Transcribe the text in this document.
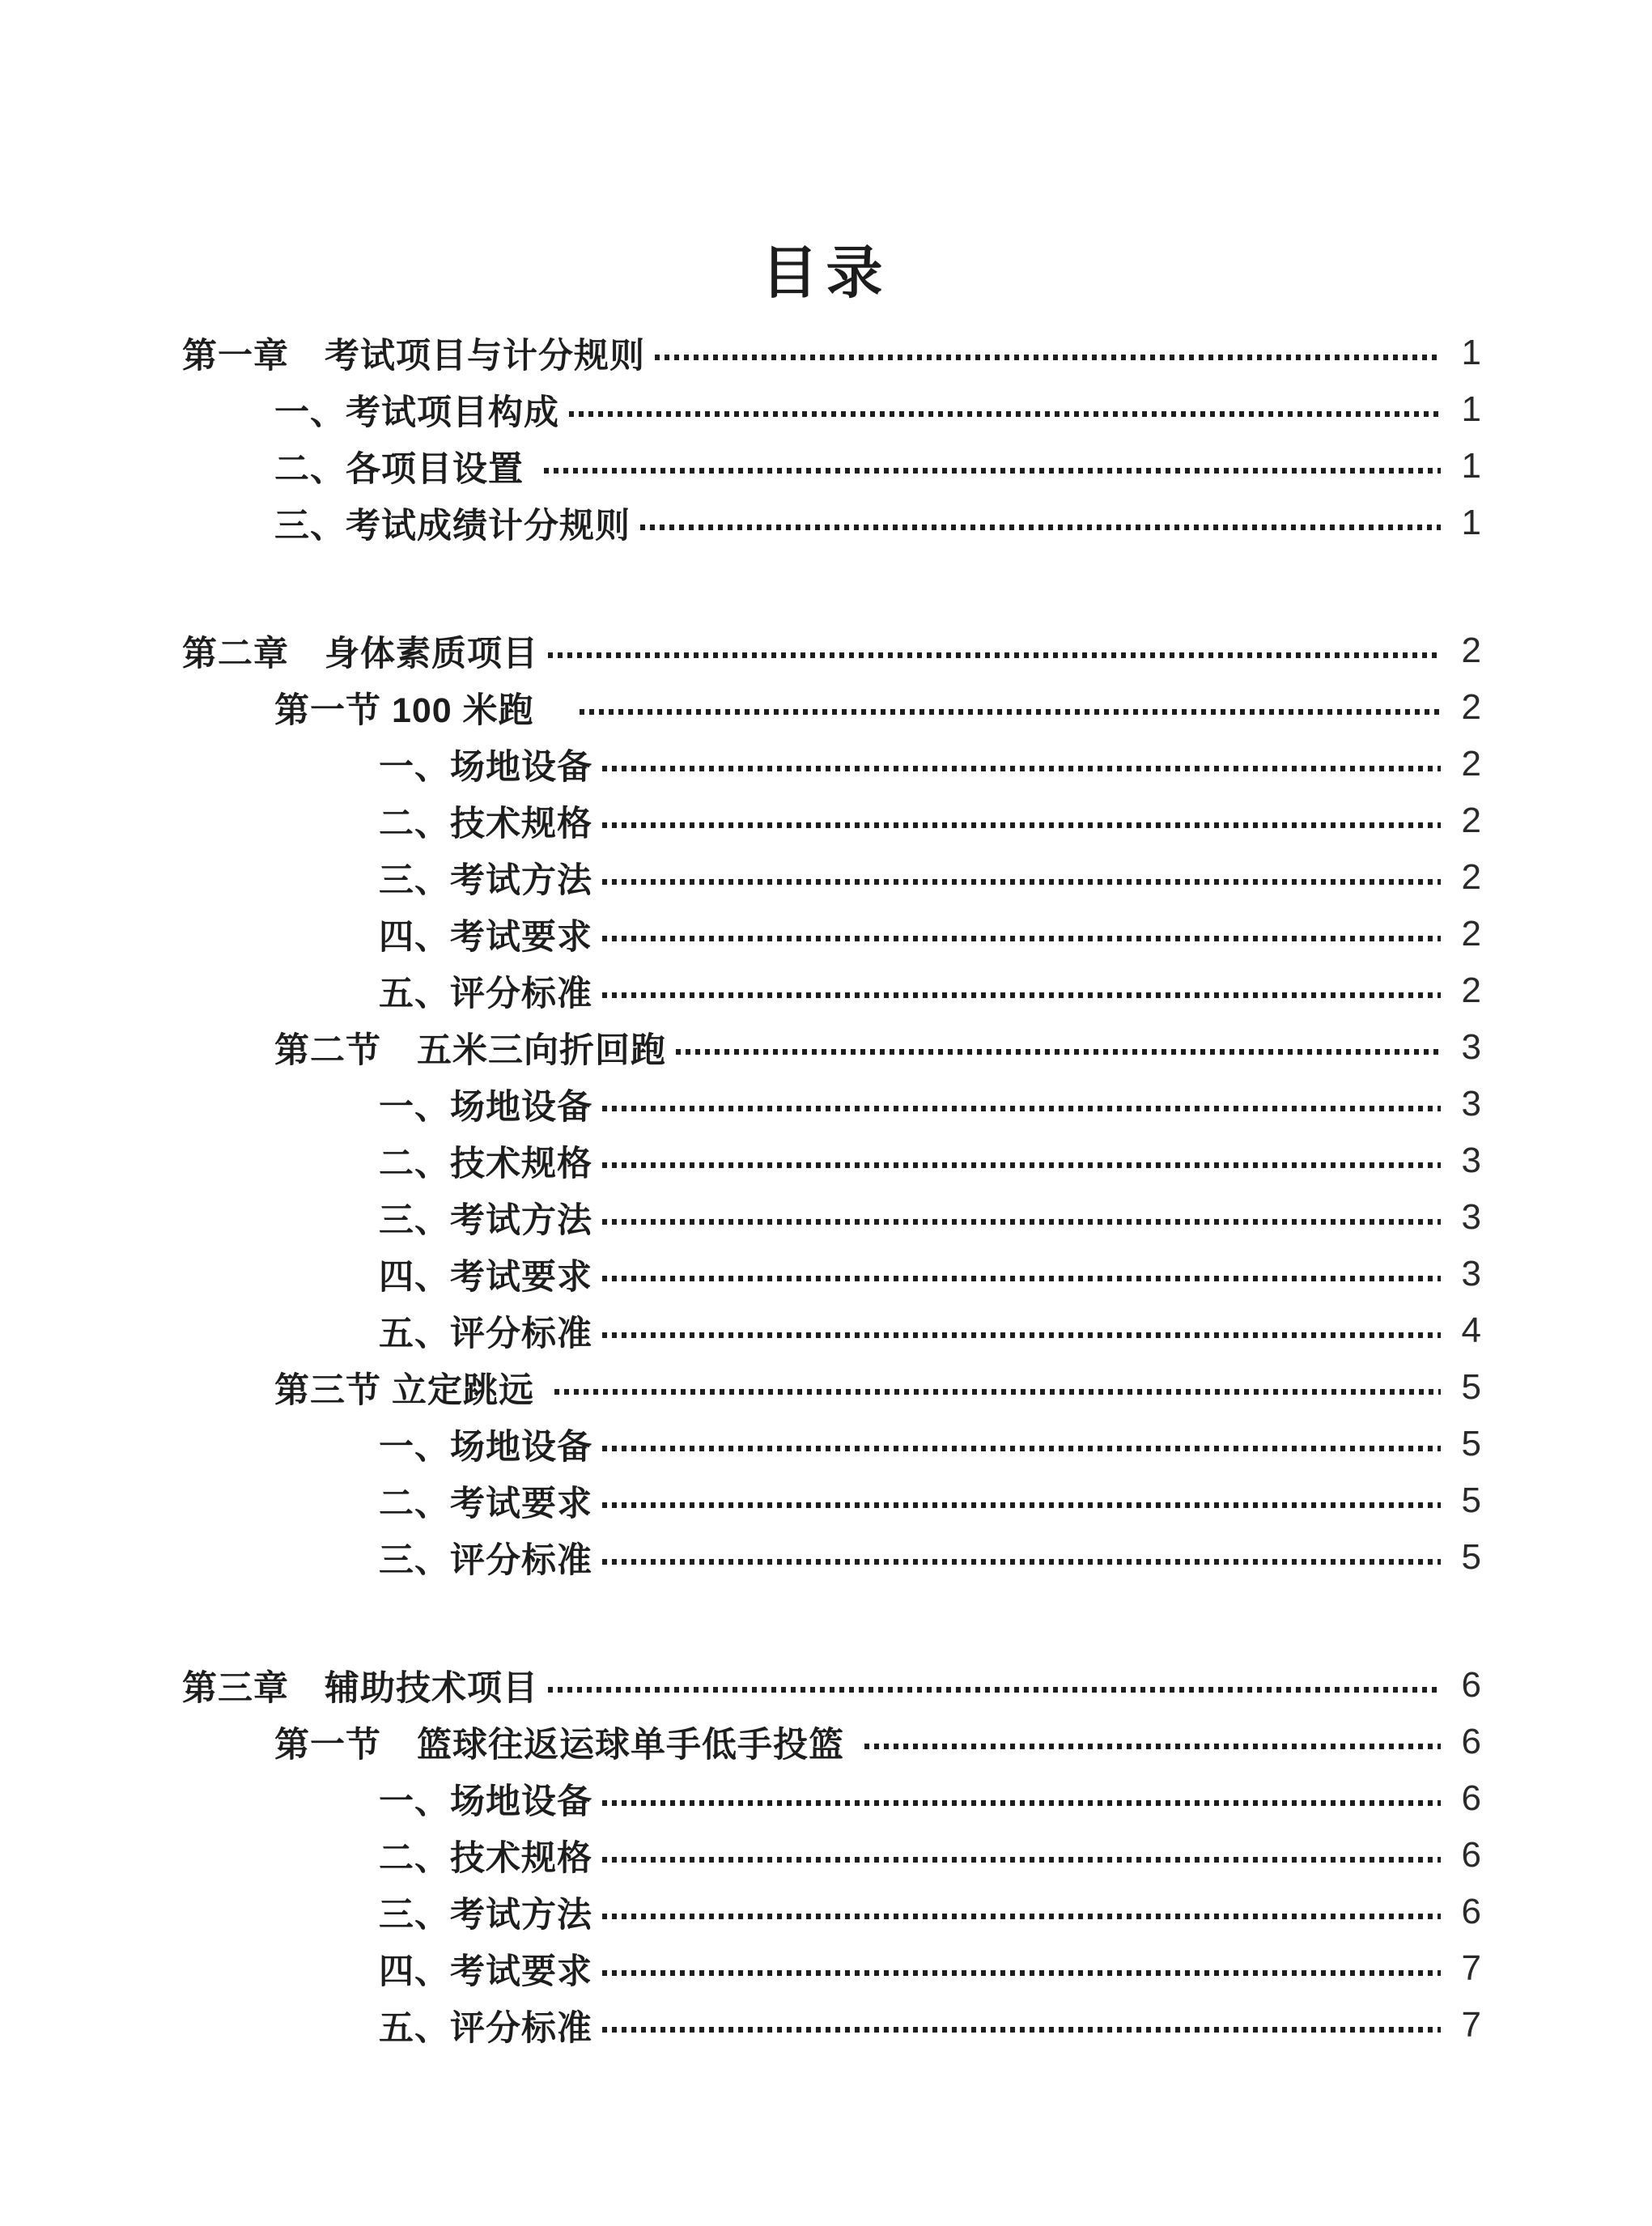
目录
第一章　考试项目与计分规则	1
一、考试项目构成	1
二、各项目设置	1
三、考试成绩计分规则	1
第二章　身体素质项目	2
第一节 100 米跑　	2
一、场地设备	2
二、技术规格	2
三、考试方法	2
四、考试要求	2
五、评分标准	2
第二节　五米三向折回跑	3
一、场地设备	3
二、技术规格	3
三、考试方法	3
四、考试要求	3
五、评分标准	4
第三节 立定跳远	5
一、场地设备	5
二、考试要求	5
三、评分标准	5
第三章　辅助技术项目	6
第一节　篮球往返运球单手低手投篮	6
一、场地设备	6
二、技术规格	6
三、考试方法	6
四、考试要求	7
五、评分标准	7
